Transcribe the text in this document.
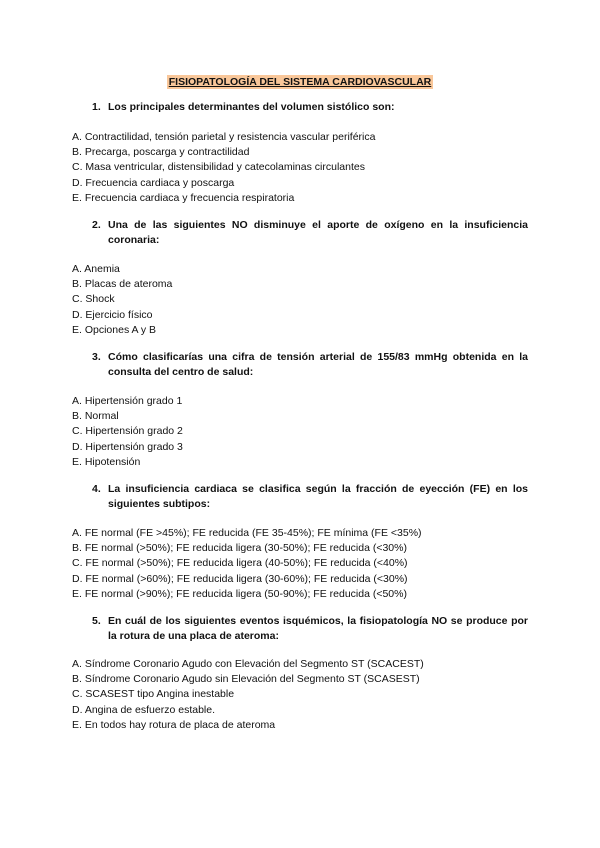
FISIOPATOLOGÍA DEL SISTEMA CARDIOVASCULAR
1. Los principales determinantes del volumen sistólico son:
A. Contractilidad, tensión parietal y resistencia vascular periférica
B. Precarga, poscarga y contractilidad
C. Masa ventricular, distensibilidad y catecolaminas circulantes
D. Frecuencia cardiaca y poscarga
E. Frecuencia cardiaca y frecuencia respiratoria
2. Una de las siguientes NO disminuye el aporte de oxígeno en la insuficiencia coronaria:
A. Anemia
B. Placas de ateroma
C. Shock
D. Ejercicio físico
E. Opciones A y B
3. Cómo clasificarías una cifra de tensión arterial de 155/83 mmHg obtenida en la consulta del centro de salud:
A. Hipertensión grado 1
B. Normal
C. Hipertensión grado 2
D. Hipertensión grado 3
E. Hipotensión
4. La insuficiencia cardiaca se clasifica según la fracción de eyección (FE) en los siguientes subtipos:
A. FE normal (FE >45%); FE reducida (FE 35-45%); FE mínima (FE <35%)
B. FE normal (>50%); FE reducida ligera (30-50%); FE reducida (<30%)
C. FE normal (>50%); FE reducida ligera (40-50%); FE reducida (<40%)
D. FE normal (>60%); FE reducida ligera (30-60%); FE reducida (<30%)
E. FE normal (>90%); FE reducida ligera (50-90%); FE reducida (<50%)
5. En cuál de los siguientes eventos isquémicos, la fisiopatología NO se produce por la rotura de una placa de ateroma:
A. Síndrome Coronario Agudo con Elevación del Segmento ST (SCACEST)
B. Síndrome Coronario Agudo sin Elevación del Segmento ST (SCASEST)
C. SCASEST tipo Angina inestable
D. Angina de esfuerzo estable.
E. En todos hay rotura de placa de ateroma
